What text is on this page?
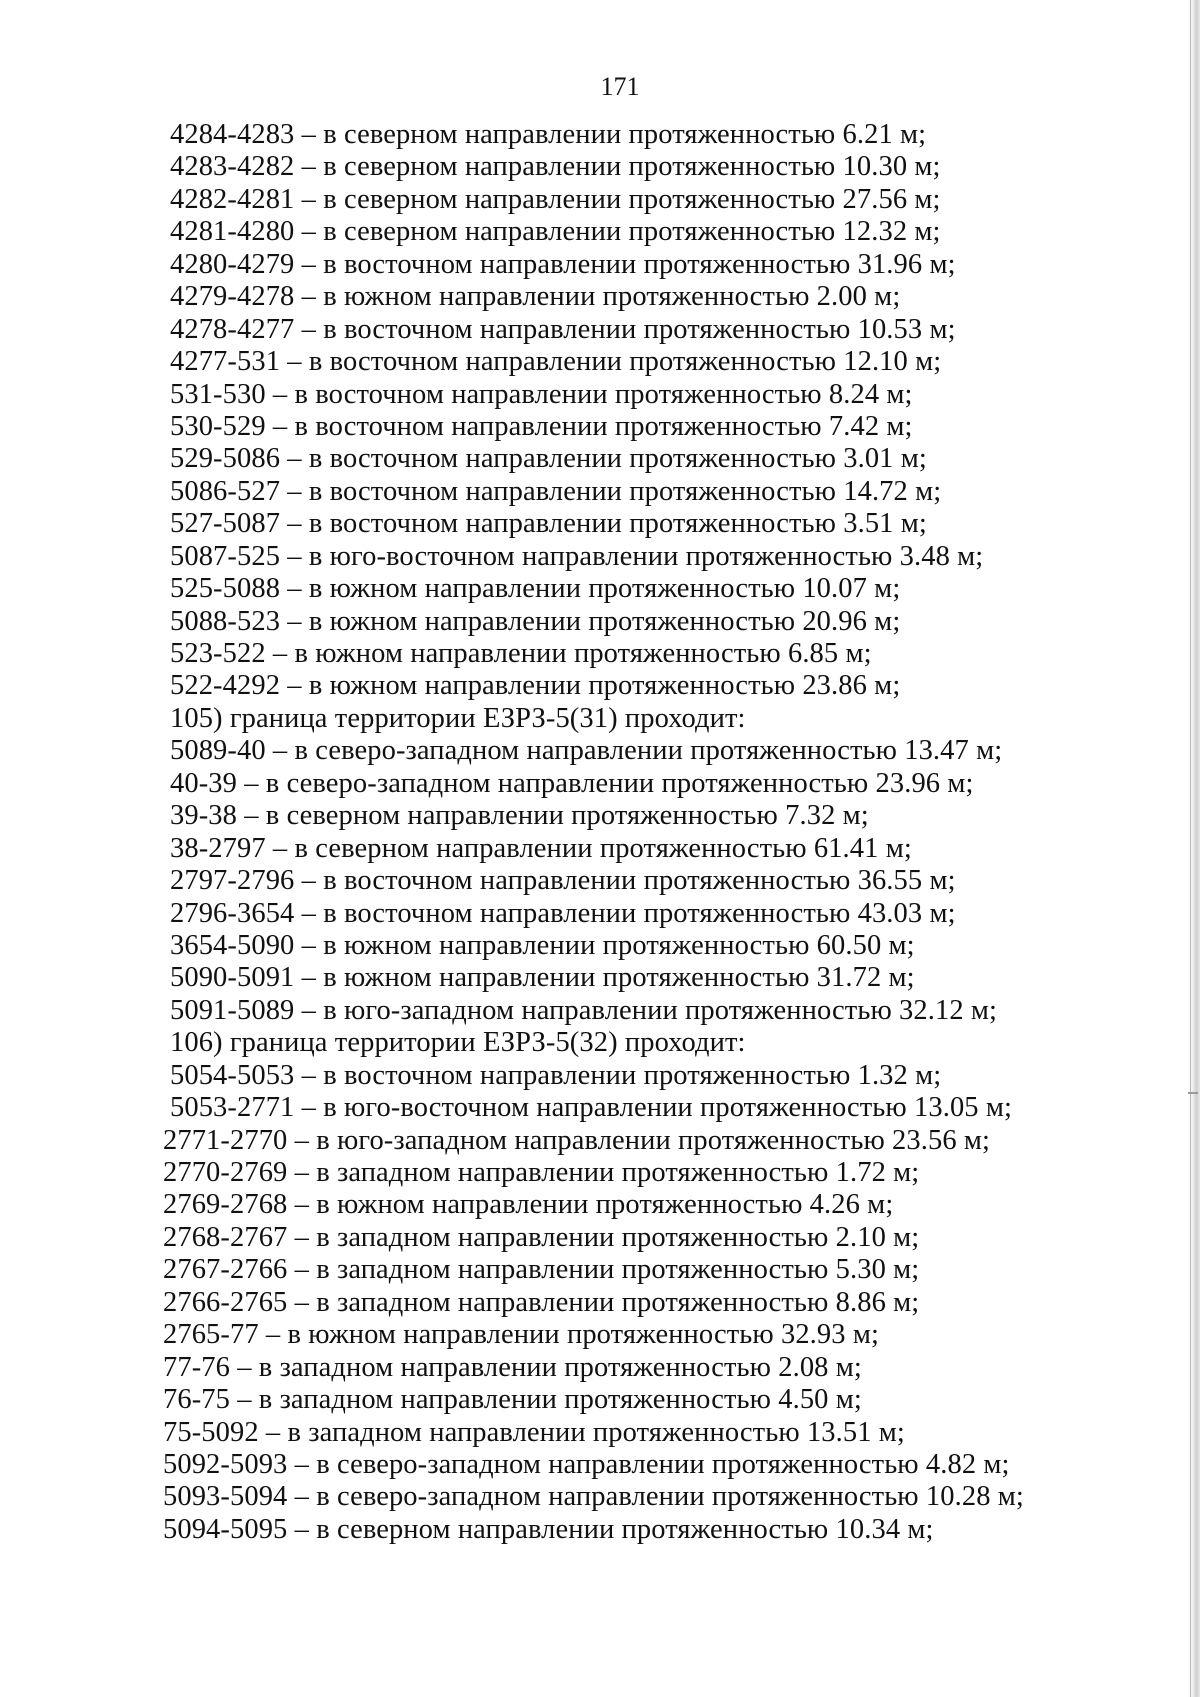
171
4284-4283 – в северном направлении протяженностью 6.21 м;
4283-4282 – в северном направлении протяженностью 10.30 м;
4282-4281 – в северном направлении протяженностью 27.56 м;
4281-4280 – в северном направлении протяженностью 12.32 м;
4280-4279 – в восточном направлении протяженностью 31.96 м;
4279-4278 – в южном направлении протяженностью 2.00 м;
4278-4277 – в восточном направлении протяженностью 10.53 м;
4277-531 – в восточном направлении протяженностью 12.10 м;
531-530 – в восточном направлении протяженностью 8.24 м;
530-529 – в восточном направлении протяженностью 7.42 м;
529-5086 – в восточном направлении протяженностью 3.01 м;
5086-527 – в восточном направлении протяженностью 14.72 м;
527-5087 – в восточном направлении протяженностью 3.51 м;
5087-525 – в юго-восточном направлении протяженностью 3.48 м;
525-5088 – в южном направлении протяженностью 10.07 м;
5088-523 – в южном направлении протяженностью 20.96 м;
523-522 – в южном направлении протяженностью 6.85 м;
522-4292 – в южном направлении протяженностью 23.86 м;
105) граница территории ЕЗРЗ-5(31) проходит:
5089-40 – в северо-западном направлении протяженностью 13.47 м;
40-39 – в северо-западном направлении протяженностью 23.96 м;
39-38 – в северном направлении протяженностью 7.32 м;
38-2797 – в северном направлении протяженностью 61.41 м;
2797-2796 – в восточном направлении протяженностью 36.55 м;
2796-3654 – в восточном направлении протяженностью 43.03 м;
3654-5090 – в южном направлении протяженностью 60.50 м;
5090-5091 – в южном направлении протяженностью 31.72 м;
5091-5089 – в юго-западном направлении протяженностью 32.12 м;
106) граница территории ЕЗРЗ-5(32) проходит:
5054-5053 – в восточном направлении протяженностью 1.32 м;
5053-2771 – в юго-восточном направлении протяженностью 13.05 м;
2771-2770 – в юго-западном направлении протяженностью 23.56 м;
2770-2769 – в западном направлении протяженностью 1.72 м;
2769-2768 – в южном направлении протяженностью 4.26 м;
2768-2767 – в западном направлении протяженностью 2.10 м;
2767-2766 – в западном направлении протяженностью 5.30 м;
2766-2765 – в западном направлении протяженностью 8.86 м;
2765-77 – в южном направлении протяженностью 32.93 м;
77-76 – в западном направлении протяженностью 2.08 м;
76-75 – в западном направлении протяженностью 4.50 м;
75-5092 – в западном направлении протяженностью 13.51 м;
5092-5093 – в северо-западном направлении протяженностью 4.82 м;
5093-5094 – в северо-западном направлении протяженностью 10.28 м;
5094-5095 – в северном направлении протяженностью 10.34 м;
